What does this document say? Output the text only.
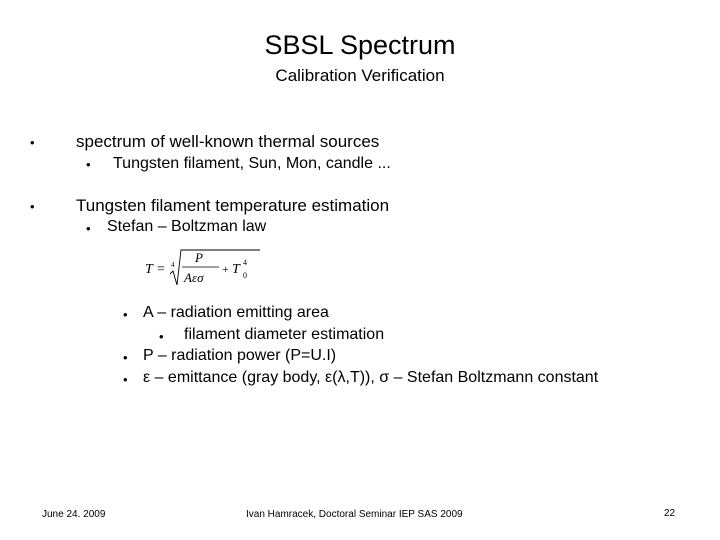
SBSL Spectrum
Calibration Verification
• spectrum of well-known thermal sources
• Tungsten filament, Sun, Mon, candle ...
• Tungsten filament temperature estimation
• Stefan – Boltzman law
T = 4 P
Aεσ
+ T 4
0
• A – radiation emitting area
• filament diameter estimation
• P – radiation power (P=U.I)
• ε – emittance (gray body, ε(λ,T)), σ – Stefan Boltzmann constant
June 24. 2009	Ivan Hamracek, Doctoral Seminar IEP SAS 2009	22
